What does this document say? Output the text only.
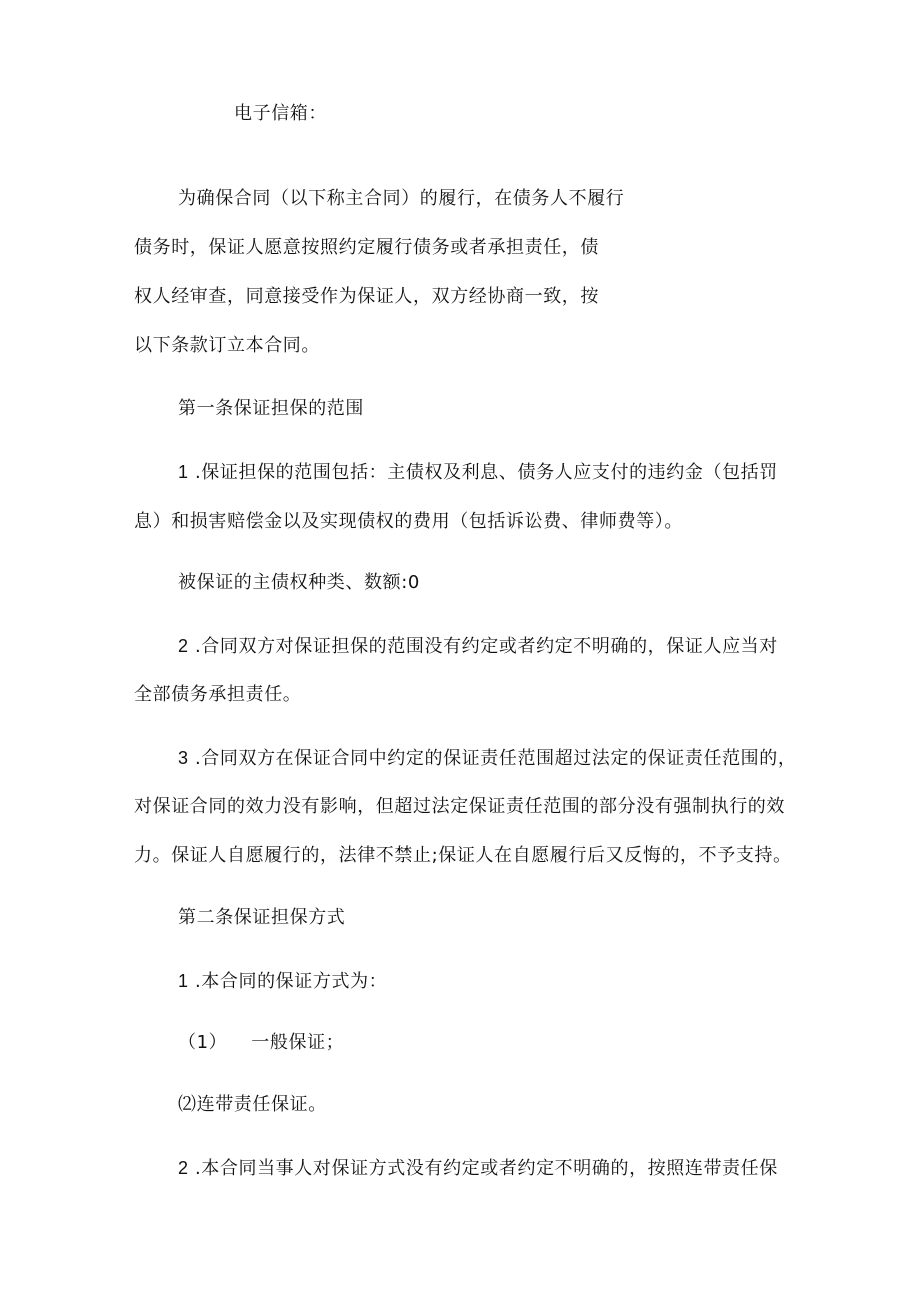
电子信箱：
为确保合同（以下称主合同）的履行，在债务人不履行
债务时，保证人愿意按照约定履行债务或者承担责任，债
权人经审查，同意接受作为保证人，双方经协商一致，按
以下条款订立本合同。
第一条保证担保的范围
1 .保证担保的范围包括：主债权及利息、债务人应支付的违约金（包括罚
息）和损害赔偿金以及实现债权的费用（包括诉讼费、律师费等）。
被保证的主债权种类、数额:0
2 .合同双方对保证担保的范围没有约定或者约定不明确的，保证人应当对
全部债务承担责任。
3 .合同双方在保证合同中约定的保证责任范围超过法定的保证责任范围的，
对保证合同的效力没有影响，但超过法定保证责任范围的部分没有强制执行的效
力。保证人自愿履行的，法律不禁止;保证人在自愿履行后又反悔的，不予支持。
第二条保证担保方式
1 .本合同的保证方式为：
（1） 一般保证；
⑵连带责任保证。
2 .本合同当事人对保证方式没有约定或者约定不明确的，按照连带责任保
